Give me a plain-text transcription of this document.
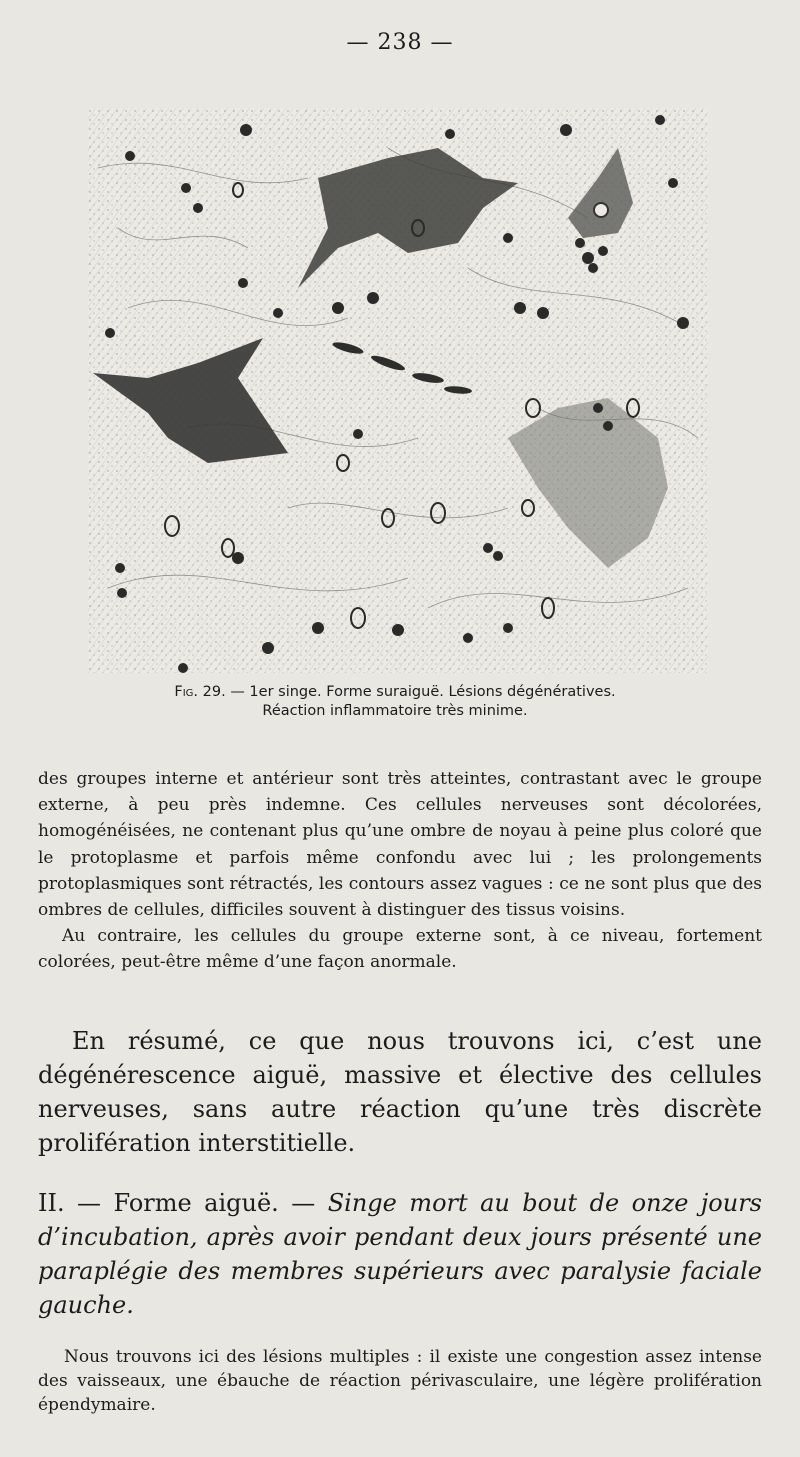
— 238 —
Fig. 29. — 1er singe. Forme suraiguë. Lésions dégénératives.
Réaction inflammatoire très minime.

des groupes interne et antérieur sont très atteintes, contrastant avec le groupe externe, à peu près indemne. Ces cellules nerveuses sont décolorées, homogénéisées, ne contenant plus qu’une ombre de noyau à peine plus coloré que le protoplasme et parfois même confondu avec lui ; les prolongements protoplasmiques sont rétractés, les contours assez vagues : ce ne sont plus que des ombres de cellules, difficiles souvent à distinguer des tissus voisins.

Au contraire, les cellules du groupe externe sont, à ce niveau, fortement colorées, peut-être même d’une façon anormale.

En résumé, ce que nous trouvons ici, c’est une dégénérescence aiguë, massive et élective des cellules nerveuses, sans autre réaction qu’une très discrète prolifération interstitielle.

II. — Forme aiguë. — Singe mort au bout de onze jours d’incubation, après avoir pendant deux jours présenté une paraplégie des membres supérieurs avec paralysie faciale gauche.

Nous trouvons ici des lésions multiples : il existe une congestion assez intense des vaisseaux, une ébauche de réaction périvasculaire, une légère prolifération épendymaire.
